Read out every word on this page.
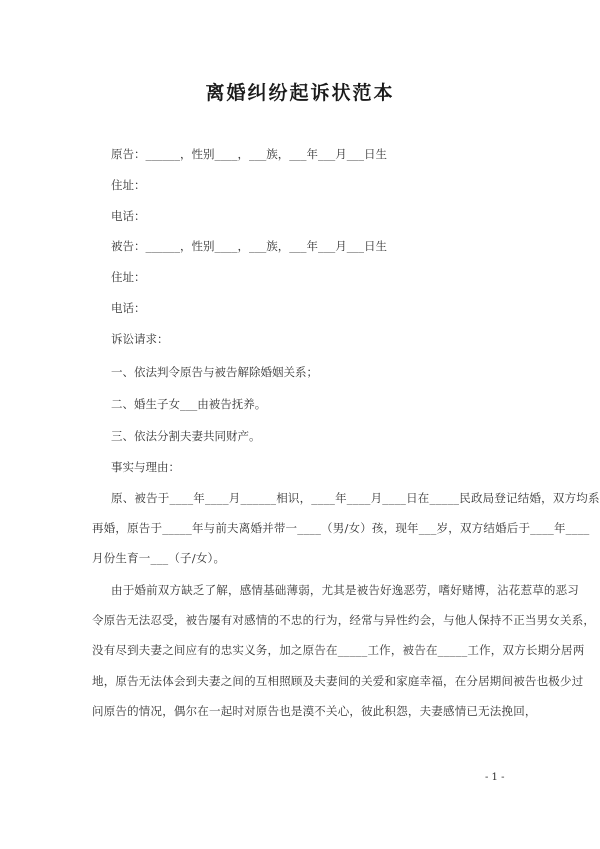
离婚纠纷起诉状范本
原告：______，性别____，___族，___年___月___日生
住址：
电话：
被告：______，性别____，___族，___年___月___日生
住址：
电话：
诉讼请求：
一、依法判令原告与被告解除婚姻关系；
二、婚生子女___由被告抚养。
三、依法分割夫妻共同财产。
事实与理由：
原、被告于____年____月______相识，____年____月____日在_____民政局登记结婚，双方均系
再婚，原告于_____年与前夫离婚并带一____（男/女）孩，现年___岁，双方结婚后于____年____
月份生育一___（子/女）。
由于婚前双方缺乏了解，感情基础薄弱，尤其是被告好逸恶劳，嗜好赌博，沾花惹草的恶习
令原告无法忍受，被告屡有对感情的不忠的行为，经常与异性约会，与他人保持不正当男女关系，
没有尽到夫妻之间应有的忠实义务，加之原告在_____工作，被告在_____工作，双方长期分居两
地，原告无法体会到夫妻之间的互相照顾及夫妻间的关爱和家庭幸福，在分居期间被告也极少过
问原告的情况，偶尔在一起时对原告也是漠不关心，彼此积怨，夫妻感情已无法挽回，
- 1 -
